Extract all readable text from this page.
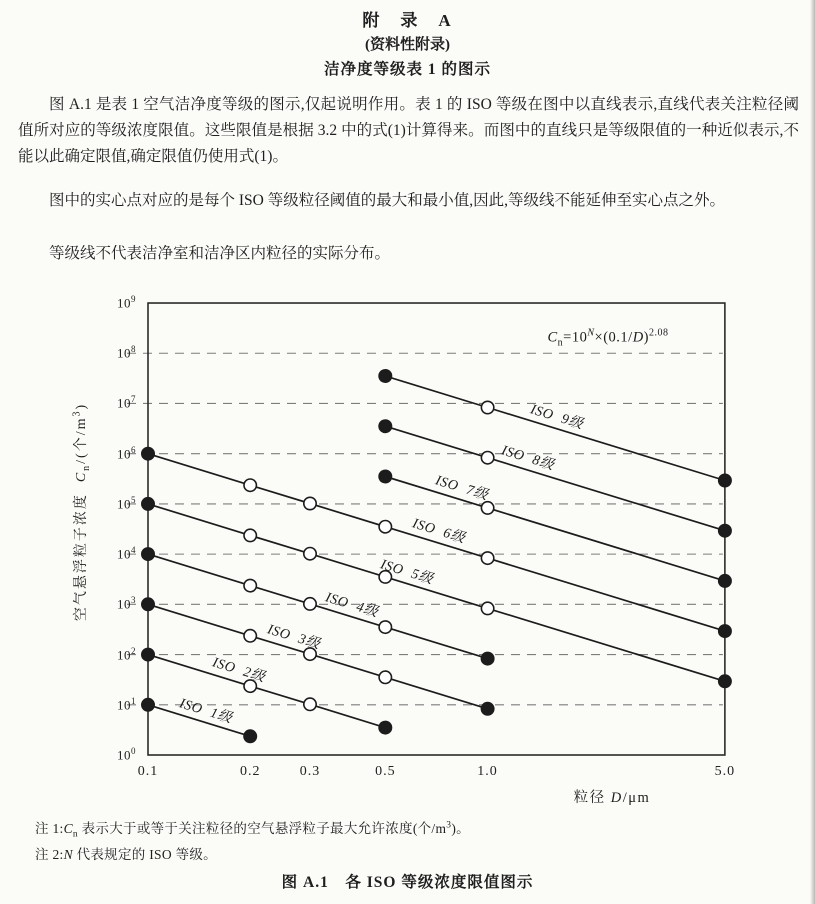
附　录　A
(资料性附录)
洁净度等级表 1 的图示

图 A.1 是表 1 空气洁净度等级的图示,仅起说明作用。表 1 的 ISO 等级在图中以直线表示,直线代表关注粒径阈值所对应的等级浓度限值。这些限值是根据 3.2 中的式(1)计算得来。而图中的直线只是等级限值的一种近似表示,不能以此确定限值,确定限值仍使用式(1)。

图中的实心点对应的是每个 ISO 等级粒径阈值的最大和最小值,因此,等级线不能延伸至实心点之外。

等级线不代表洁净室和洁净区内粒径的实际分布。

$10^0$
$10^1$
$10^2$
$10^3$
$10^4$
$10^5$
$10^6$
$10^7$
$10^8$
$10^9$
0.1	0.2	0.3	0.5	1.0	5.0
ISO 1级
ISO 2级
ISO 3级
ISO 4级
ISO 5级
ISO 6级
ISO 7级
ISO 8级
ISO 9级
$C_n=10^N\times(0.1/D)^{2.08}$
空气悬浮粒子浓度  $C_n/$(个$/m^3$)
粒径 D/μm
注 $1:C_n$ 表示大于或等于关注粒径的空气悬浮粒子最大允许浓度(个$/m^3$)。
注 2:N 代表规定的 ISO 等级。
图 A.1　各 ISO 等级浓度限值图示
